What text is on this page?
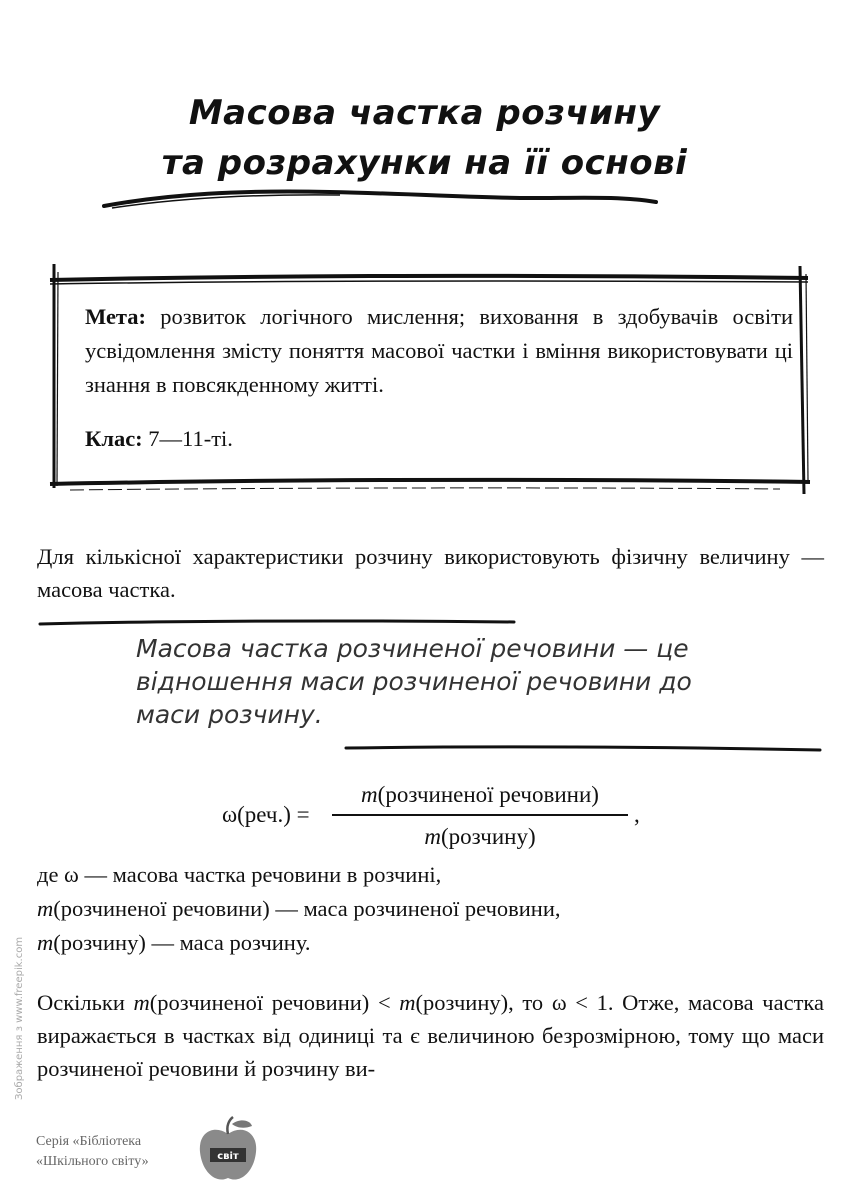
Масова частка розчину
та розрахунки на її основі
Мета: розвиток логічного мислення; виховання в здобувачів освіти усвідомлення змісту поняття масової частки і вміння використовувати ці знання в повсякденному житті.
Клас: 7—11-ті.

Для кількісної характеристики розчину використовують фізичну величину — масова частка.

Масова частка розчиненої речовини — це
відношення маси розчиненої речовини до
маси розчину.
ω(реч.) =
m(розчиненої речовини)
m(розчину)
,
де ω — масова частка речовини в розчині,
m(розчиненої речовини) — маса розчиненої речовини,
m(розчину) — маса розчину.

Оскільки m(розчиненої речовини) < m(розчину), то ω < 1. Отже, масова частка виражається в частках від одиниці та є величиною безрозмірною, тому що маси розчиненої речовини й розчину ви-

Зображення з www.freepik.com
Серія «Бібліотека
«Шкільного світу»	світ
